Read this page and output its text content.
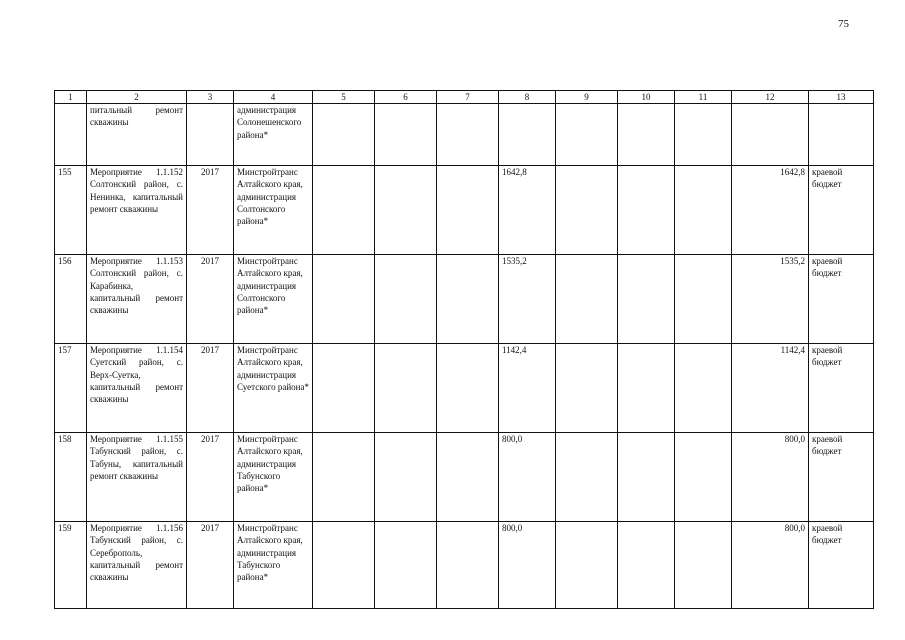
75
1	2	3	4	5	6	7	8	9	10	11	12	13
	питальный ремонт скважины		администрация Солонешенского района*									
155	Мероприятие 1.1.152 Солтонский район, с. Ненинка, капитальный ремонт скважины	2017	Минстройтранс Алтайского края, администрация Солтонского района*				1642,8				1642,8	краевой бюджет
156	Мероприятие 1.1.153 Солтонский район, с. Карабинка, капитальный ремонт скважины	2017	Минстройтранс Алтайского края, администрация Солтонского района*				1535,2				1535,2	краевой бюджет
157	Мероприятие 1.1.154 Суетский район, с. Верх-Суетка, капитальный ремонт скважины	2017	Минстройтранс Алтайского края, администрация Суетского района*				1142,4				1142,4	краевой бюджет
158	Мероприятие 1.1.155 Табунский район, с. Табуны, капитальный ремонт скважины	2017	Минстройтранс Алтайского края, администрация Табунского района*				800,0				800,0	краевой бюджет
159	Мероприятие 1.1.156 Табунский район, с. Сереброполь, капитальный ремонт скважины	2017	Минстройтранс Алтайского края, администрация Табунского района*				800,0				800,0	краевой бюджет
